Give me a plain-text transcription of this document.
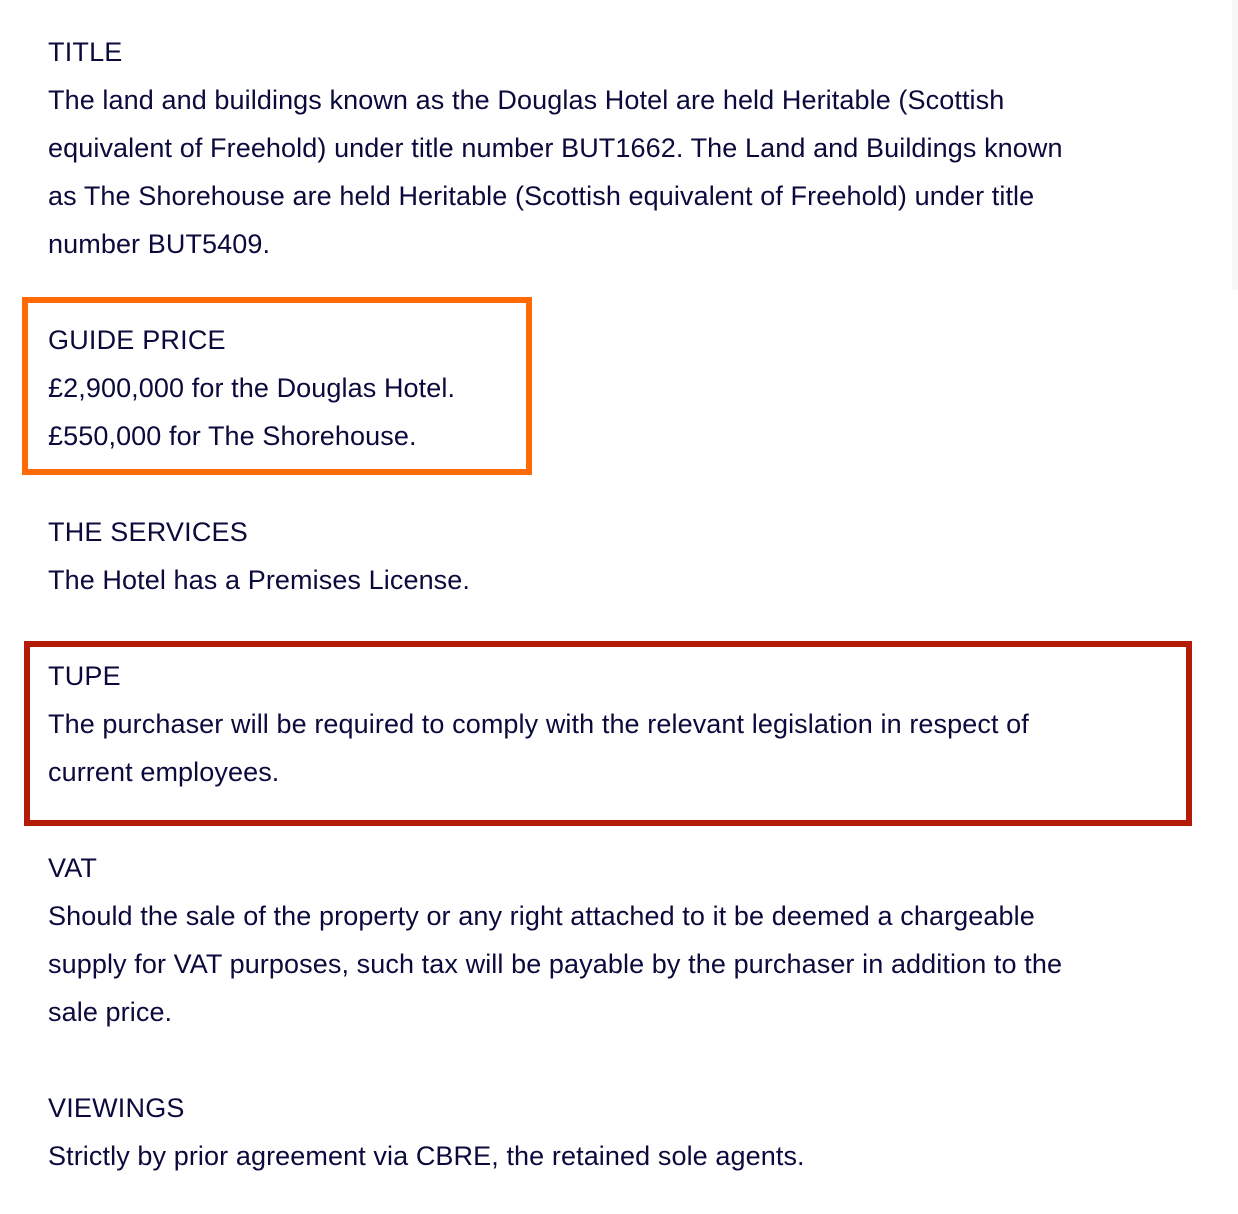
TITLE
The land and buildings known as the Douglas Hotel are held Heritable (Scottish
equivalent of Freehold) under title number BUT1662. The Land and Buildings known
as The Shorehouse are held Heritable (Scottish equivalent of Freehold) under title
number BUT5409.
GUIDE PRICE
£2,900,000 for the Douglas Hotel.
£550,000 for The Shorehouse.
THE SERVICES
The Hotel has a Premises License.
TUPE
The purchaser will be required to comply with the relevant legislation in respect of
current employees.
VAT
Should the sale of the property or any right attached to it be deemed a chargeable
supply for VAT purposes, such tax will be payable by the purchaser in addition to the
sale price.
VIEWINGS
Strictly by prior agreement via CBRE, the retained sole agents.
